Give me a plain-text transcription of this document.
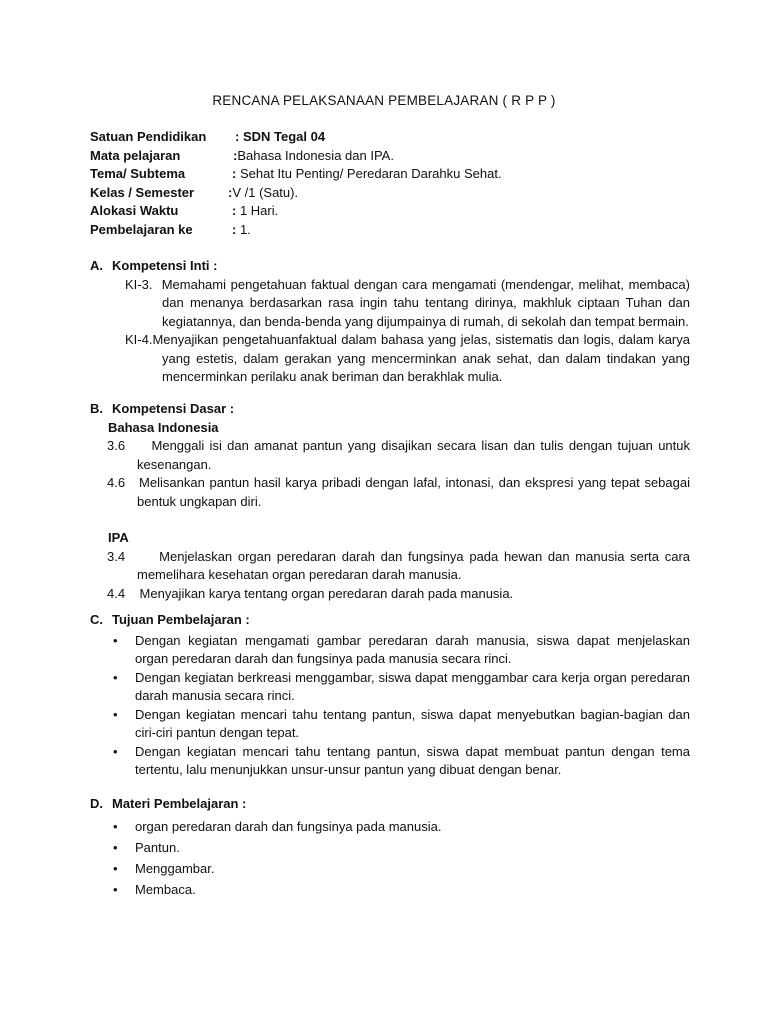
RENCANA PELAKSANAAN PEMBELAJARAN ( R P P )
Satuan Pendidikan : SDN Tegal 04
Mata pelajaran	:Bahasa Indonesia dan IPA.
Tema/ Subtema	: Sehat Itu Penting/ Peredaran Darahku Sehat.
Kelas / Semester	:V /1 (Satu).
Alokasi Waktu	: 1 Hari.
Pembelajaran ke	: 1.
A. Kompetensi Inti :
KI-3. Memahami pengetahuan faktual dengan cara mengamati (mendengar, melihat, membaca) dan menanya berdasarkan rasa ingin tahu tentang dirinya, makhluk ciptaan Tuhan dan kegiatannya, dan benda-benda yang dijumpainya di rumah, di sekolah dan tempat bermain.
KI-4.Menyajikan pengetahuanfaktual dalam bahasa yang jelas, sistematis dan logis, dalam karya yang estetis, dalam gerakan yang mencerminkan anak sehat, dan dalam tindakan yang mencerminkan perilaku anak beriman dan berakhlak mulia.
B. Kompetensi Dasar :
Bahasa Indonesia
3.6 Menggali isi dan amanat pantun yang disajikan secara lisan dan tulis dengan tujuan untuk kesenangan.
4.6 Melisankan pantun hasil karya pribadi dengan lafal, intonasi, dan ekspresi yang tepat sebagai bentuk ungkapan diri.
IPA
3.4	Menjelaskan organ peredaran darah dan fungsinya pada hewan dan manusia serta cara memelihara kesehatan organ peredaran darah manusia.
4.4 Menyajikan karya tentang organ peredaran darah pada manusia.
C. Tujuan Pembelajaran :
• Dengan kegiatan mengamati gambar peredaran darah manusia, siswa dapat menjelaskan organ peredaran darah dan fungsinya pada manusia secara rinci.
• Dengan kegiatan berkreasi menggambar, siswa dapat menggambar cara kerja organ peredaran darah manusia secara rinci.
• Dengan kegiatan mencari tahu tentang pantun, siswa dapat menyebutkan bagian-bagian dan ciri-ciri pantun dengan tepat.
• Dengan kegiatan mencari tahu tentang pantun, siswa dapat membuat pantun dengan tema tertentu, lalu menunjukkan unsur-unsur pantun yang dibuat dengan benar.
D. Materi Pembelajaran :
• organ peredaran darah dan fungsinya pada manusia.
• Pantun.
• Menggambar.
• Membaca.
